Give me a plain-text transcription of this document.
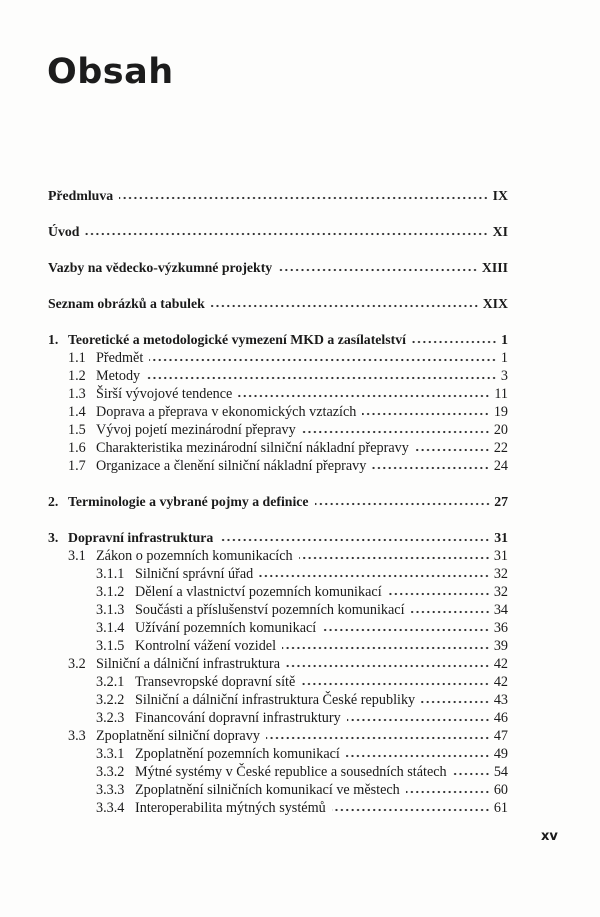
Obsah
Předmluva	IX
Úvod	XI
Vazby na vědecko-výzkumné projekty	XIII
Seznam obrázků a tabulek	XIX
1. Teoretické a metodologické vymezení MKD a zasílatelství	1
1.1 Předmět	1
1.2 Metody	3
1.3 Širší vývojové tendence	11
1.4 Doprava a přeprava v ekonomických vztazích	19
1.5 Vývoj pojetí mezinárodní přepravy	20
1.6 Charakteristika mezinárodní silniční nákladní přepravy	22
1.7 Organizace a členění silniční nákladní přepravy	24
2. Terminologie a vybrané pojmy a definice	27
3. Dopravní infrastruktura	31
3.1 Zákon o pozemních komunikacích	31
3.1.1 Silniční správní úřad	32
3.1.2 Dělení a vlastnictví pozemních komunikací	32
3.1.3 Součásti a příslušenství pozemních komunikací	34
3.1.4 Užívání pozemních komunikací	36
3.1.5 Kontrolní vážení vozidel	39
3.2 Silniční a dálniční infrastruktura	42
3.2.1 Transevropské dopravní sítě	42
3.2.2 Silniční a dálniční infrastruktura České republiky	43
3.2.3 Financování dopravní infrastruktury	46
3.3 Zpoplatnění silniční dopravy	47
3.3.1 Zpoplatnění pozemních komunikací	49
3.3.2 Mýtné systémy v České republice a sousedních státech	54
3.3.3 Zpoplatnění silničních komunikací ve městech	60
3.3.4 Interoperabilita mýtných systémů	61
xv
